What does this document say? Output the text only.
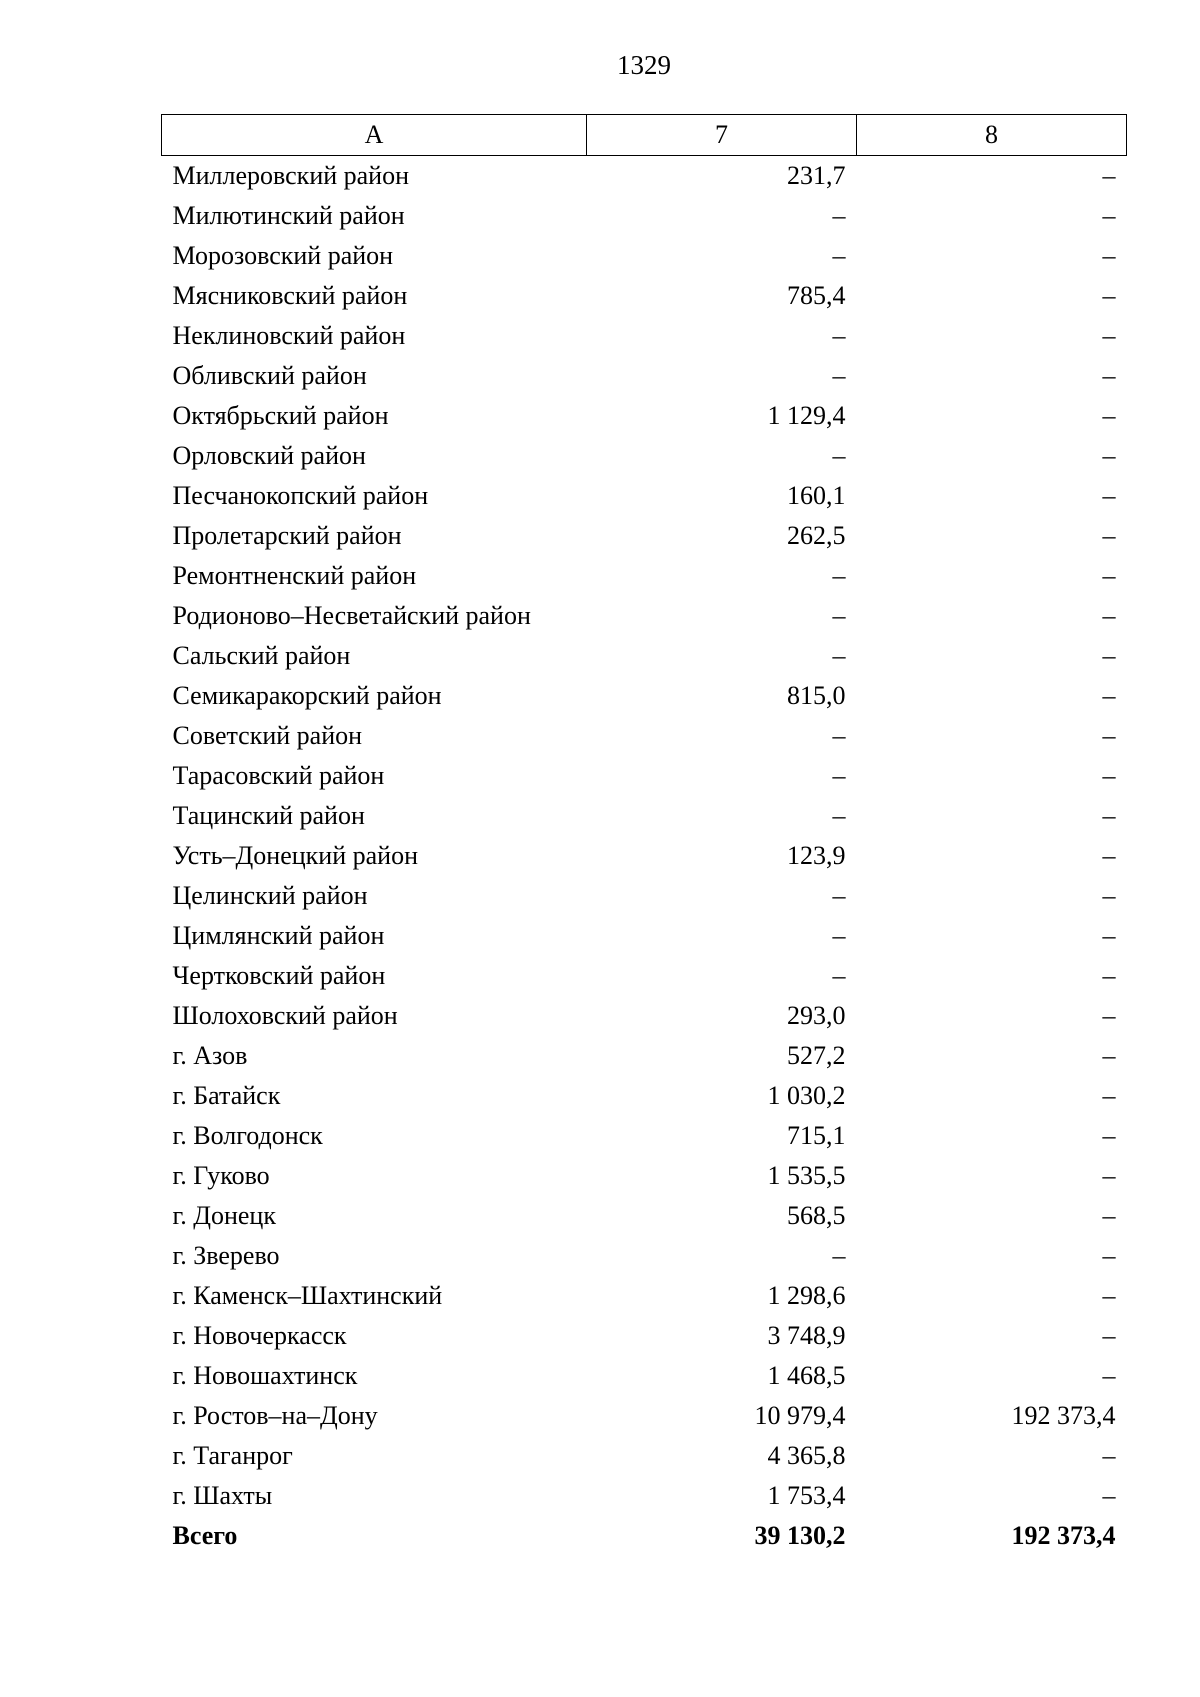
1329
А	7	8
Миллеровский район	231,7	–
Милютинский район	–	–
Морозовский район	–	–
Мясниковский район	785,4	–
Неклиновский район	–	–
Обливский район	–	–
Октябрьский район	1 129,4	–
Орловский район	–	–
Песчанокопский район	160,1	–
Пролетарский район	262,5	–
Ремонтненский район	–	–
Родионово–Несветайский район	–	–
Сальский район	–	–
Семикаракорский район	815,0	–
Советский район	–	–
Тарасовский район	–	–
Тацинский район	–	–
Усть–Донецкий район	123,9	–
Целинский район	–	–
Цимлянский район	–	–
Чертковский район	–	–
Шолоховский район	293,0	–
г. Азов	527,2	–
г. Батайск	1 030,2	–
г. Волгодонск	715,1	–
г. Гуково	1 535,5	–
г. Донецк	568,5	–
г. Зверево	–	–
г. Каменск–Шахтинский	1 298,6	–
г. Новочеркасск	3 748,9	–
г. Новошахтинск	1 468,5	–
г. Ростов–на–Дону	10 979,4	192 373,4
г. Таганрог	4 365,8	–
г. Шахты	1 753,4	–
Всего	39 130,2	192 373,4
